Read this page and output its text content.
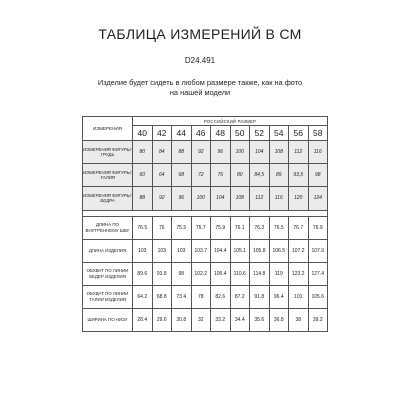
ТАБЛИЦА ИЗМЕРЕНИЙ В СМ
D24.491
Изделие будет сидеть в любом размере также, как на фото на нашей модели
ИЗМЕРЕНИЯ	РОССИЙСКИЙ РАЗМЕР									
	40	42	44	46	48	50	52	54	56	58
ИЗМЕРЕНИЯ ФИГУРЫ: ГРУДЬ	80	84	88	92	96	100	104	108	112	116
ИЗМЕРЕНИЯ ФИГУРЫ: ТАЛИЯ	60	64	68	72	76	80	84,5	89	93,5	98
ИЗМЕРЕНИЯ ФИГУРЫ: БЕДРА	88	92	96	100	104	108	112	116	120	124

ДЛИНА ПО ВНУТРЕННЕМУ ШВУ	76.5	76	75.5	75.7	75.9	76.1	76.3	76.5	76.7	76.9
ДЛИНА ИЗДЕЛИЯ	103	103	103	103.7	104.4	105.1	105.8	106.5	107.2	107.9
ОБХВАТ ПО ЛИНИИ БЕДЕР ИЗДЕЛИЯ	89.6	93.8	98	102.2	106.4	110.6	114.8	119	123.2	127.4
ОБХВАТ ПО ЛИНИИ ТАЛИИ ИЗДЕЛИЯ	64.2	68.8	73.4	78	82.6	87.2	91.8	96.4	101	105.6
ШИРИНА ПО НИЗУ	28.4	29.6	30.8	32	33.2	34.4	35.6	36.8	38	39.2
